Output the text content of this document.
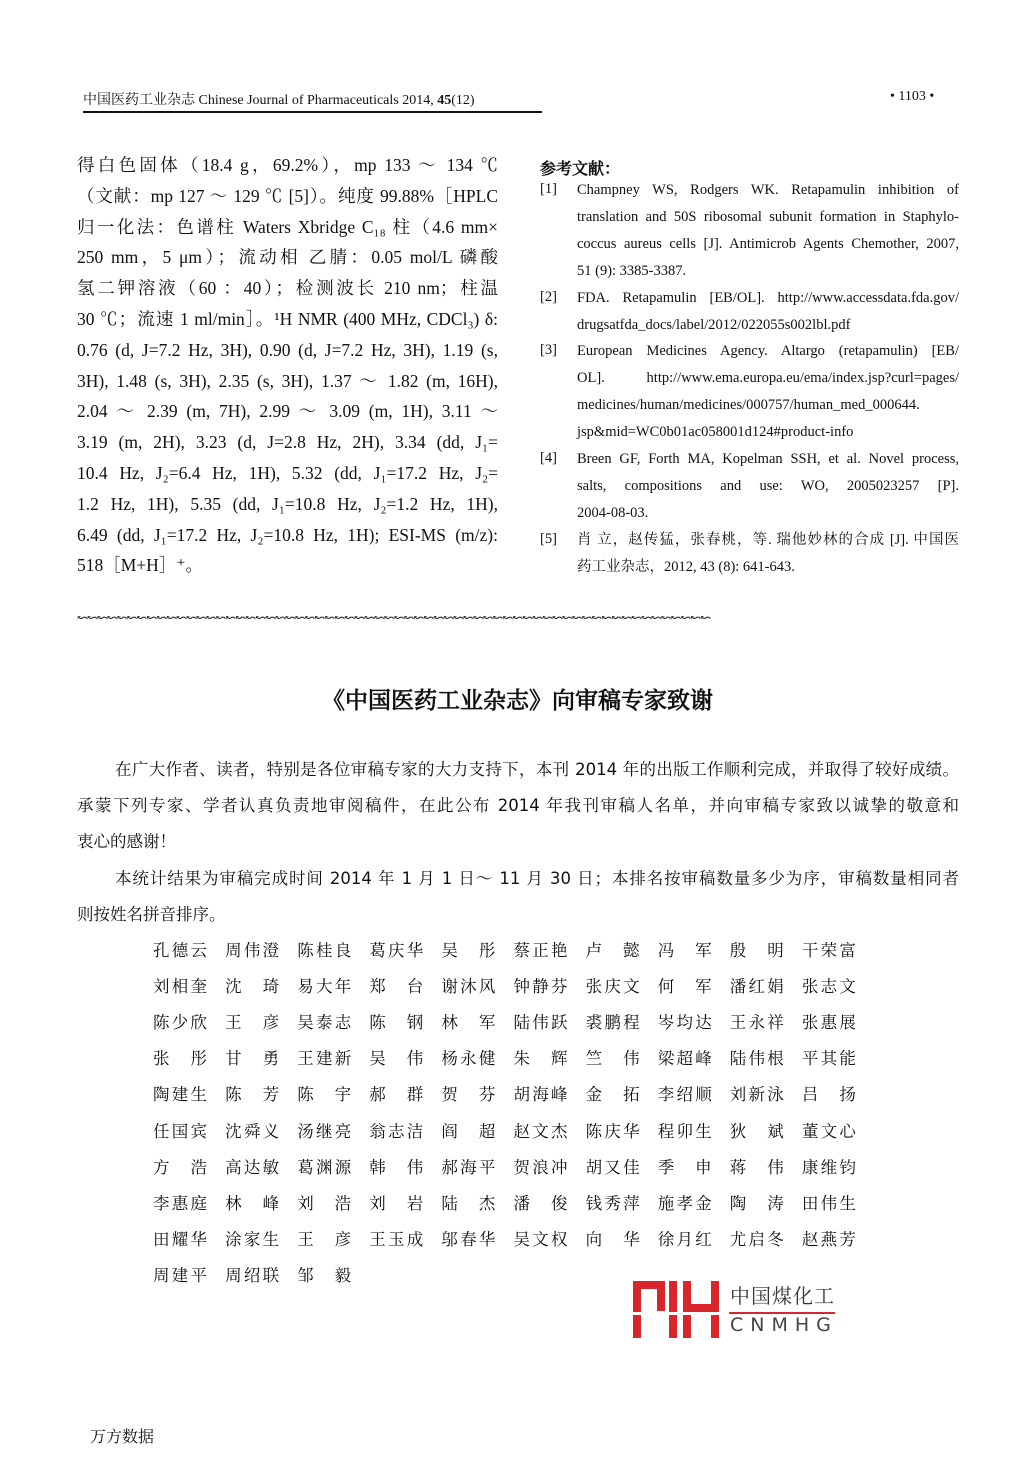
中国医药工业杂志 Chinese Journal of Pharmaceuticals 2014, 45(12)	• 1103 •
得白色固体（18.4 g，69.2%），mp 133 ～ 134 ℃
（文献：mp 127 ～ 129 ℃ [5]）。纯度 99.88%［HPLC
归一化法：色谱柱 Waters Xbridge C₁₈ 柱（4.6 mm×
250 mm，5 μm）；流动相 乙腈：0.05 mol/L 磷酸
氢二钾溶液（60 ：40）；检测波长 210 nm；柱温
30 ℃；流速 1 ml/min］。¹H NMR (400 MHz, CDCl₃) δ:
0.76 (d, J=7.2 Hz, 3H), 0.90 (d, J=7.2 Hz, 3H), 1.19 (s,
3H), 1.48 (s, 3H), 2.35 (s, 3H), 1.37 ～ 1.82 (m, 16H),
2.04 ～ 2.39 (m, 7H), 2.99 ～ 3.09 (m, 1H), 3.11 ～
3.19 (m, 2H), 3.23 (d, J=2.8 Hz, 2H), 3.34 (dd, J₁=
10.4 Hz, J₂=6.4 Hz, 1H), 5.32 (dd, J₁=17.2 Hz, J₂=
1.2 Hz, 1H), 5.35 (dd, J₁=10.8 Hz, J₂=1.2 Hz, 1H),
6.49 (dd, J₁=17.2 Hz, J₂=10.8 Hz, 1H); ESI-MS (m/z):
518［M+H］⁺。
参考文献：
[1] Champney WS, Rodgers WK. Retapamulin inhibition of
translation and 50S ribosomal subunit formation in Staphylo-
coccus aureus cells [J]. Antimicrob Agents Chemother, 2007,
51 (9): 3385-3387.
[2] FDA. Retapamulin [EB/OL]. http://www.accessdata.fda.gov/
drugsatfda_docs/label/2012/022055s002lbl.pdf
[3] European Medicines Agency. Altargo (retapamulin) [EB/
OL]. http://www.ema.europa.eu/ema/index.jsp?curl=pages/
medicines/human/medicines/000757/human_med_000644.
jsp&mid=WC0b01ac058001d124#product-info
[4] Breen GF, Forth MA, Kopelman SSH, et al. Novel process,
salts, compositions and use: WO, 2005023257 [P].
2004-08-03.
[5] 肖 立，赵传猛，张春桃，等. 瑞他妙林的合成 [J]. 中国医
药工业杂志，2012, 43 (8): 641-643.
↜↜↜↜↜↜↜↜↜↜↜↜↜↜↜↜↜↜↜↜↜↜↜↜↜↜↜↜↜↜↜↜↜↜↜↜↜↜↜↜↜↜↜↜↜↜↜↜↜↜↜↜↜↜↜↜↜↜↜↜↜↜↜↜
《中国医药工业杂志》向审稿专家致谢
在广大作者、读者，特别是各位审稿专家的大力支持下，本刊 2014 年的出版工作顺利完成，并取得了较好成绩。
承蒙下列专家、学者认真负责地审阅稿件，在此公布 2014 年我刊审稿人名单，并向审稿专家致以诚挚的敬意和
衷心的感谢！
本统计结果为审稿完成时间 2014 年 1 月 1 日～ 11 月 30 日；本排名按审稿数量多少为序，审稿数量相同者
则按姓名拼音排序。
孔德云 周伟澄 陈桂良 葛庆华 吴 彤 蔡正艳 卢 懿 冯 军 殷 明 干荣富
刘相奎 沈 琦 易大年 郑 台 谢沐风 钟静芬 张庆文 何 军 潘红娟 张志文
陈少欣 王 彦 吴泰志 陈 钢 林 军 陆伟跃 裘鹏程 岑均达 王永祥 张惠展
张 彤 甘 勇 王建新 吴 伟 杨永健 朱 辉 竺 伟 梁超峰 陆伟根 平其能
陶建生 陈 芳 陈 宇 郝 群 贺 芬 胡海峰 金 拓 李绍顺 刘新泳 吕 扬
任国宾 沈舜义 汤继亮 翁志洁 阎 超 赵文杰 陈庆华 程卯生 狄 斌 董文心
方 浩 高达敏 葛渊源 韩 伟 郝海平 贺浪冲 胡又佳 季 申 蒋 伟 康维钧
李惠庭 林 峰 刘 浩 刘 岩 陆 杰 潘 俊 钱秀萍 施孝金 陶 涛 田伟生
田耀华 涂家生 王 彦 王玉成 邬春华 吴文权 向 华 徐月红 尤启冬 赵燕芳
周建平 周绍联 邹 毅
中国煤化工
CNMHG
万方数据
